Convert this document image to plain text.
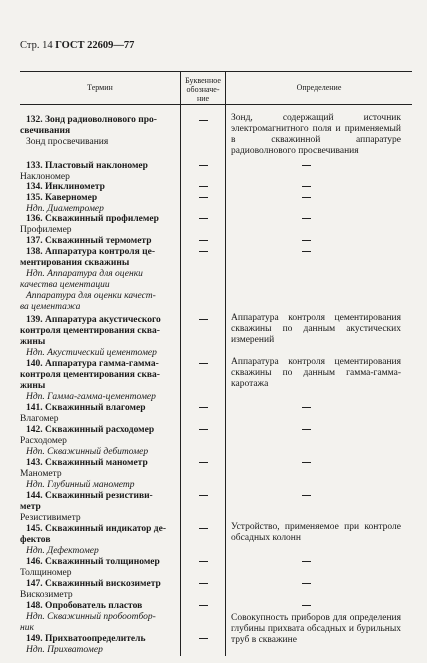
Стр. 14 ГОСТ 22609—77
Термин
Буквенное
обозначе-
ние
Определение
132. Зонд радиоволнового про-
свечивания
Зонд просвечивания
Зонд, содержащий источник электромагнитного поля и применяемый в скважинной аппаратуре радиоволнового просвечивания
133. Пластовый наклономер
Наклономер
134. Инклинометр
135. Каверномер
Ндп. Диаметромер
136. Скважинный профилемер
Профилемер
137. Скважинный термометр
138. Аппаратура контроля це-
ментирования скважины
Ндп. Аппаратура для оценки
качества цементации
Аппаратура для оценки качест-
ва цементажа
139. Аппаратура акустического
контроля цементирования сква-
жины
Ндп. Акустический цементомер
Аппаратура контроля цементирования скважины по данным акустических измерений
140. Аппаратура гамма-гамма-
контроля цементирования сква-
жины
Ндп. Гамма-гамма-цементомер
Аппаратура контроля цементирования скважины по данным гамма-гамма-каротажа
141. Скважинный влагомер
Влагомер
142. Скважинный расходомер
Расходомер
Ндп. Скважинный дебитомер
143. Скважинный манометр
Манометр
Ндп. Глубинный манометр
144. Скважинный резистиви-
метр
Резистивиметр
145. Скважинный индикатор де-
фектов
Ндп. Дефектомер
Устройство, применяемое при контроле обсадных колонн
146. Скважинный толщиномер
Толщиномер
147. Скважинный вискозиметр
Вискозиметр
148. Опробователь пластов
Ндп. Скважинный пробоотбор-
ник
149. Прихватоопределитель
Ндп. Прихватомер
Совокупность приборов для определения глубины прихвата обсадных и бурильных труб в скважине
